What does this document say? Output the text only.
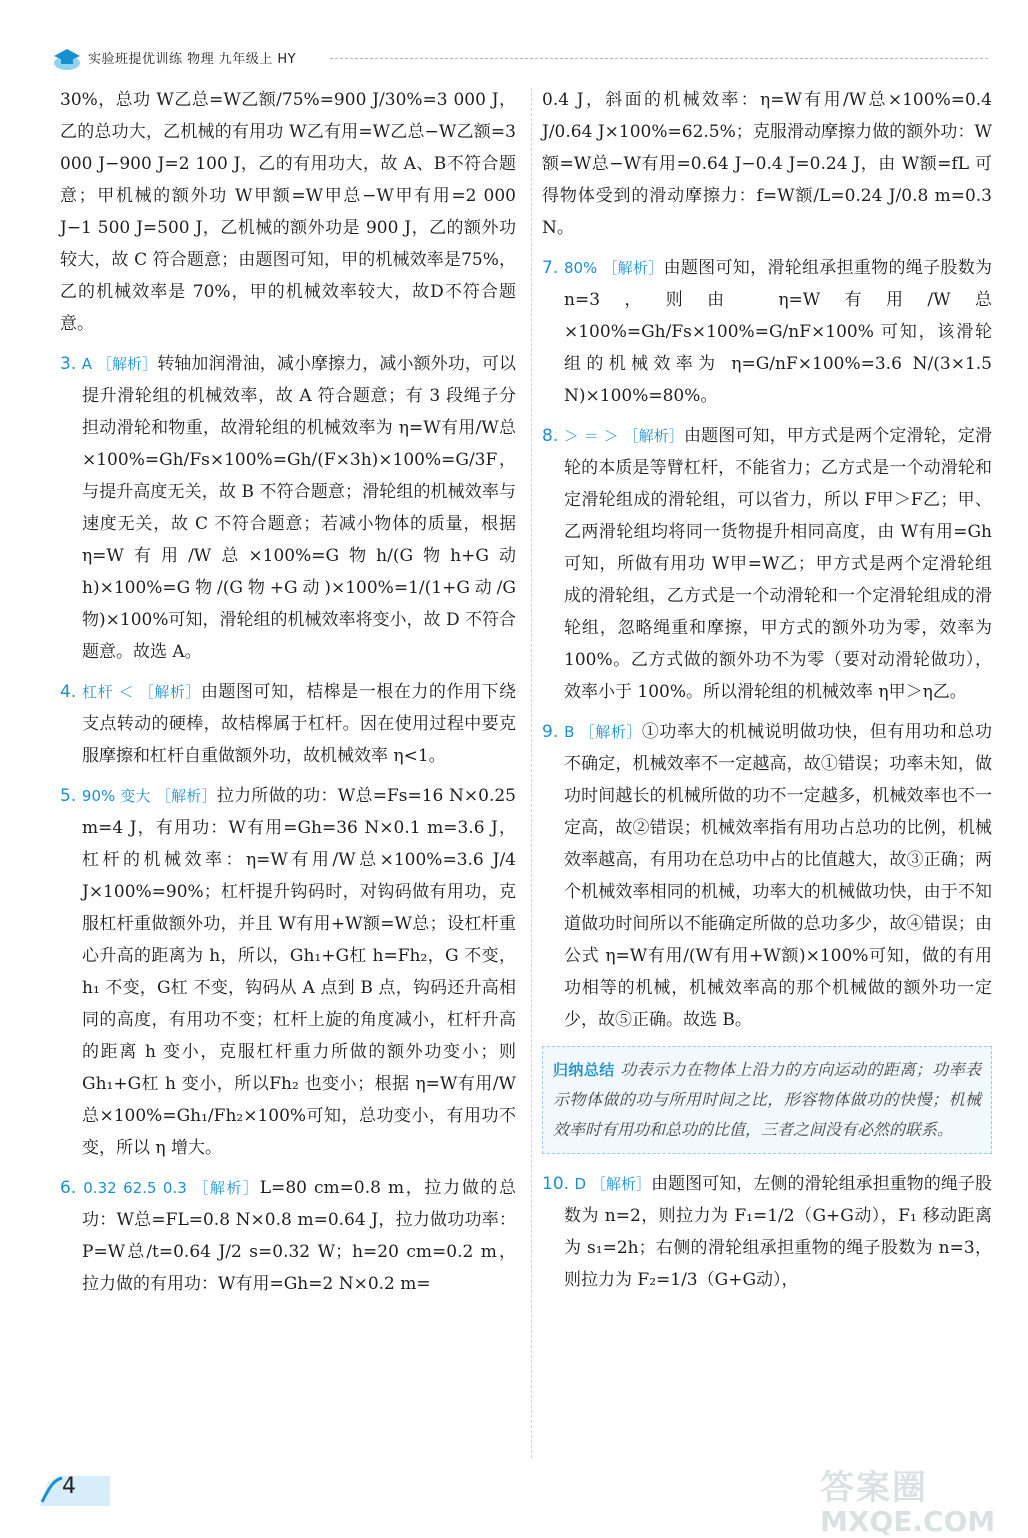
实验班提优训练 物理 九年级上 HY

30%，总功 W乙总=W乙额/75%=900 J/30%=3 000 J，乙的总功大，乙机械的有用功 W乙有用=W乙总−W乙额=3 000 J−900 J=2 100 J，乙的有用功大，故 A、B不符合题意；甲机械的额外功 W甲额=W甲总−W甲有用=2 000 J−1 500 J=500 J，乙机械的额外功是 900 J，乙的额外功较大，故 C 符合题意；由题图可知，甲的机械效率是75%，乙的机械效率是 70%，甲的机械效率较大，故D不符合题意。

3. A ［解析］转轴加润滑油，减小摩擦力，减小额外功，可以提升滑轮组的机械效率，故 A 符合题意；有 3 段绳子分担动滑轮和物重，故滑轮组的机械效率为 η=W有用/W总×100%=Gh/Fs×100%=Gh/(F×3h)×100%=G/3F，与提升高度无关，故 B 不符合题意；滑轮组的机械效率与速度无关，故 C 不符合题意；若减小物体的质量，根据 η=W有用/W总×100%=G物h/(G物h+G动h)×100%=G物/(G物+G动)×100%=1/(1+G动/G物)×100%可知，滑轮组的机械效率将变小，故 D 不符合题意。故选 A。

4. 杠杆 ＜ ［解析］由题图可知，桔槔是一根在力的作用下绕支点转动的硬棒，故桔槔属于杠杆。因在使用过程中要克服摩擦和杠杆自重做额外功，故机械效率 η<1。

5. 90% 变大 ［解析］拉力所做的功：W总=Fs=16 N×0.25 m=4 J，有用功：W有用=Gh=36 N×0.1 m=3.6 J，杠杆的机械效率：η=W有用/W总×100%=3.6 J/4 J×100%=90%；杠杆提升钩码时，对钩码做有用功，克服杠杆重做额外功，并且 W有用+W额=W总；设杠杆重心升高的距离为 h，所以，Gh₁+G杠 h=Fh₂，G 不变，h₁ 不变，G杠 不变，钩码从 A 点到 B 点，钩码还升高相同的高度，有用功不变；杠杆上旋的角度减小，杠杆升高的距离 h 变小，克服杠杆重力所做的额外功变小；则 Gh₁+G杠 h 变小，所以Fh₂ 也变小；根据 η=W有用/W总×100%=Gh₁/Fh₂×100%可知，总功变小，有用功不变，所以 η 增大。

6. 0.32 62.5 0.3 ［解析］L=80 cm=0.8 m，拉力做的总功：W总=FL=0.8 N×0.8 m=0.64 J，拉力做功功率：P=W总/t=0.64 J/2 s=0.32 W；h=20 cm=0.2 m，拉力做的有用功：W有用=Gh=2 N×0.2 m=

0.4 J，斜面的机械效率：η=W有用/W总×100%=0.4 J/0.64 J×100%=62.5%；克服滑动摩擦力做的额外功：W额=W总−W有用=0.64 J−0.4 J=0.24 J，由 W额=fL 可得物体受到的滑动摩擦力：f=W额/L=0.24 J/0.8 m=0.3 N。

7. 80% ［解析］由题图可知，滑轮组承担重物的绳子股数为 n=3，则由 η=W有用/W总×100%=Gh/Fs×100%=G/nF×100% 可知，该滑轮组的机械效率为 η=G/nF×100%=3.6 N/(3×1.5 N)×100%=80%。

8. ＞ ＝ ＞ ［解析］由题图可知，甲方式是两个定滑轮，定滑轮的本质是等臂杠杆，不能省力；乙方式是一个动滑轮和定滑轮组成的滑轮组，可以省力，所以 F甲＞F乙；甲、乙两滑轮组均将同一货物提升相同高度，由 W有用=Gh 可知，所做有用功 W甲=W乙；甲方式是两个定滑轮组成的滑轮组，乙方式是一个动滑轮和一个定滑轮组成的滑轮组，忽略绳重和摩擦，甲方式的额外功为零，效率为 100%。乙方式做的额外功不为零（要对动滑轮做功），效率小于 100%。所以滑轮组的机械效率 η甲＞η乙。

9. B ［解析］①功率大的机械说明做功快，但有用功和总功不确定，机械效率不一定越高，故①错误；功率未知，做功时间越长的机械所做的功不一定越多，机械效率也不一定高，故②错误；机械效率指有用功占总功的比例，机械效率越高，有用功在总功中占的比值越大，故③正确；两个机械效率相同的机械，功率大的机械做功快，由于不知道做功时间所以不能确定所做的总功多少，故④错误；由公式 η=W有用/(W有用+W额)×100%可知，做的有用功相等的机械，机械效率高的那个机械做的额外功一定少，故⑤正确。故选 B。

归纳总结 功表示力在物体上沿力的方向运动的距离；功率表示物体做的功与所用时间之比，形容物体做功的快慢；机械效率时有用功和总功的比值，三者之间没有必然的联系。

10. D ［解析］由题图可知，左侧的滑轮组承担重物的绳子股数为 n=2，则拉力为 F₁=1/2（G+G动），F₁ 移动距离为 s₁=2h；右侧的滑轮组承担重物的绳子股数为 n=3，则拉力为 F₂=1/3（G+G动），

4	答案圈
MXQE.COM
